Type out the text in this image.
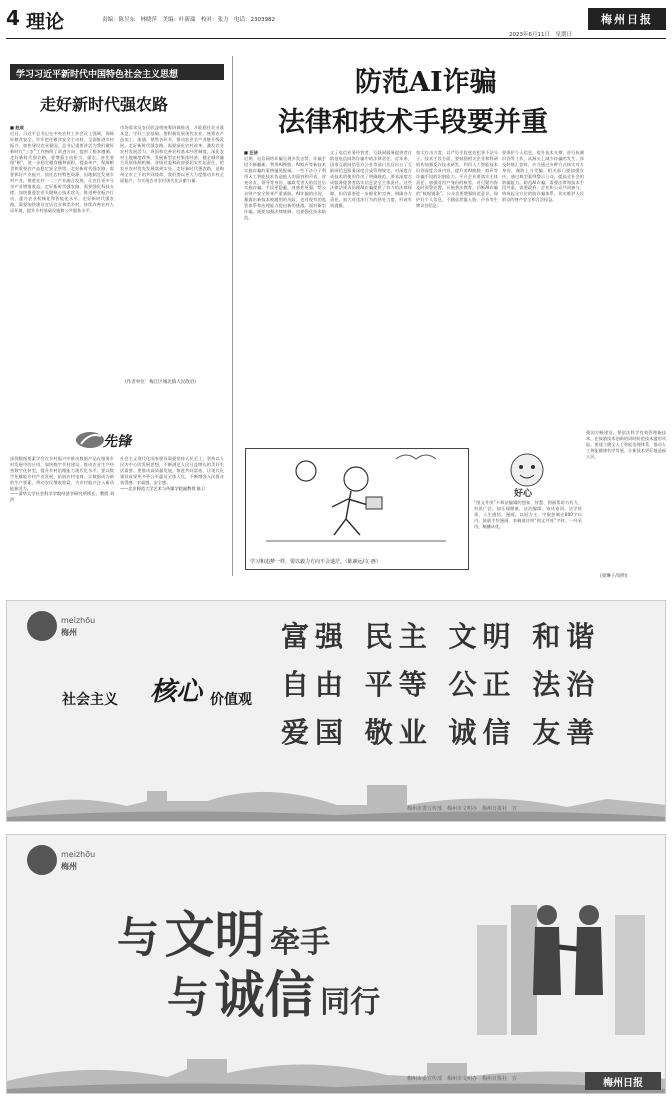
4 理论	责编：陈昱东　林晓萍　美编：叶新瑞　校对：张力　电话：2303982	梅州日报
2023年6月11日　星期日
学习习近平新时代中国特色社会主义思想
走好新时代强农路
■ 赵成
近日，习近平总书记在中央农村工作会议上强调，保障好粮食安全，牢牢把住粮食安全主动权，全面推进乡村振兴，加快建设农业强国。总书记重要讲话为我们做好新时代“三农”工作指明了前进方向、提供了根本遵循。走好新时代强农路，要增强主动担当。强农，首先要保“粮”，进一步稳定粮食播种面积，提高单产，保障粮食和重要农产品稳定安全供给。走好新时代强农路，需要抓好产业振兴，依托农村特色资源，因地制宜发展乡村产业，推进农村一二三产业融合发展，让农民更多分享产业增值收益。走好新时代强农路，需要强化科技支撑，加快推进农业关键核心技术攻关，推进种业振兴行动，提升农业机械化和智能化水平。走好新时代强农路，需要加快建设宜居宜业和美乡村，持续改善农村人居环境，提升乡村基础设施和公共服务水平。
市场需求及农民收益相统筹协调推进，才能稳住农业基本盘，守好三农基础。要积极发展现代农业，统筹农产品加工、流通、销售各环节，推动农业全产业链升级发展。走好新时代强农路，需要深化农村改革，激发农业农村发展活力，巩固和完善农村基本经营制度，深化农村土地制度改革，发展新型农村集体经济，健全城乡融合发展体制机制。各级党委和政府要切实扛起责任，把农业农村优先发展落到实处。走好新时代强农路，是梅州全市上下的共同使命，我们要以更大力度推动乡村全面振兴，为实现农业农村现代化贡献力量。
(作者单位：梅江区城北镇人民政府)
先锋
深圳数据要素学会在乡村振兴中推动数据产品在服务乡村发展中的应用，加快数字乡村建设，推动农业生产经营数字化转型，提升乡村治理能力现代化水平。要以数字化赋能乡村产业发展，拓展农村电商，让数据成为新的生产要素，带动农民增收致富，为乡村振兴注入新动能新活力。
——清华大学社会科学学院经济学研究所所长、教授 刘洪
社会主义现代化国家建设需要坚持人民至上，坚持以人民为中心的发展思想，不断满足人民日益增长的美好生活需要。要推动高质量发展，推进共同富裕，让现代化建设成果更多更公平惠及全体人民，不断增强人民群众获得感、幸福感、安全感。
——北京师范大学艺术与传媒学院副教授 陈卫
防范AI诈骗
法律和技术手段要并重
■ 汪洁
近期，电信网络诈骗呈现多发态势，诈骗手段不断翻新，利用AI换脸、AI拟声等新技术实施诈骗的案例屡见报端。一些不法分子利用人工智能技术伪造他人的面容和声音，冒充亲友、领导等身份，骗取受害人的信任后实施诈骗，手段更隐蔽，迷惑性更强，给公众财产安全带来严重威胁。AI诈骗的出现，暴露出新技术被滥用的风险，也对现有的监管体系和治理能力提出新的挑战。面对新型诈骗，既要加强法律规制，也要强化技术防范。
文了电信业务经营者、互联网服务提供者在防范电信网络诈骗中的法律责任。近年来，国家互联网信息办公室等部门先后出台了互联网信息服务深度合成管理规定，对深度合成技术的使用作出了明确规范，要求深度合成服务提供者落实信息安全主体责任。这些法律法规为治理AI诈骗提供了有力的法律保障，但仍需要进一步细化和完善，明确各方责任，加大对违法行为的惩处力度，形成有效震慑。
加大打击力度，以严厉手段惩处犯罪不法分子。技术手段方面，要鼓励相关企业和科研机构加强反诈技术研发，利用人工智能技术识别深度合成内容，提升对AI换脸、拟声等诈骗手段的识别能力。平台企业要落实主体责任，加强对用户身份的核验，对可疑内容及时预警处置。开展普法教育，切断AI诈骗的“数据链条”。公众也要增强防范意识，保护好个人信息，不随意泄露人脸、声音等生物识别信息。
要保护个人信息，提升技术支撑，进行检测识别等工作，从源头上减少诈骗的发生。涉及转账汇款时，应当通过多种方式核实对方身份，谨防上当受骗。相关部门要加强宣传，通过典型案例警示公众，提高全社会的防骗能力。防范AI诈骗，需要法律和技术手段并重，需要政府、企业和公众共同参与，构筑起全方位的防诈骗体系，切实维护人民群众的财产安全和合法权益。
学习和追梦一样，要以毅力方向不会迷茫。（陈素远/文·画）
好心
“图文并茂”卡和法编辑的想象、智慧、图画帮助为有力，有讯广泛，加乐保健康，法治编缉，家风家训，法学故事，人生感悟，漫画，以短为主，字数控制在800字以内，鼓励手绘漫画。来稿请注明“图文并茂”字样。一经采用，稿酬从优。
强国方略建设，要依法科学有效管理新技术，在鼓励技术创新的同时防范技术滥用风险。要建立健全人工智能治理体系，推动人工智能健康有序发展，让新技术更好地造福人民。
(梁琳子/说明)
meizhōu
梅州
社会主义 核心 价值观
富强 民主 文明 和谐
自由 平等 公正 法治
爱国 敬业 诚信 友善
梅州市委宣传部　梅州市文明办　梅州日报社　宣
meizhōu
梅州
与 文明 牵手
与 诚信 同行
梅州市委宣传部　梅州市文明办　梅州日报社　宣	梅州日报
